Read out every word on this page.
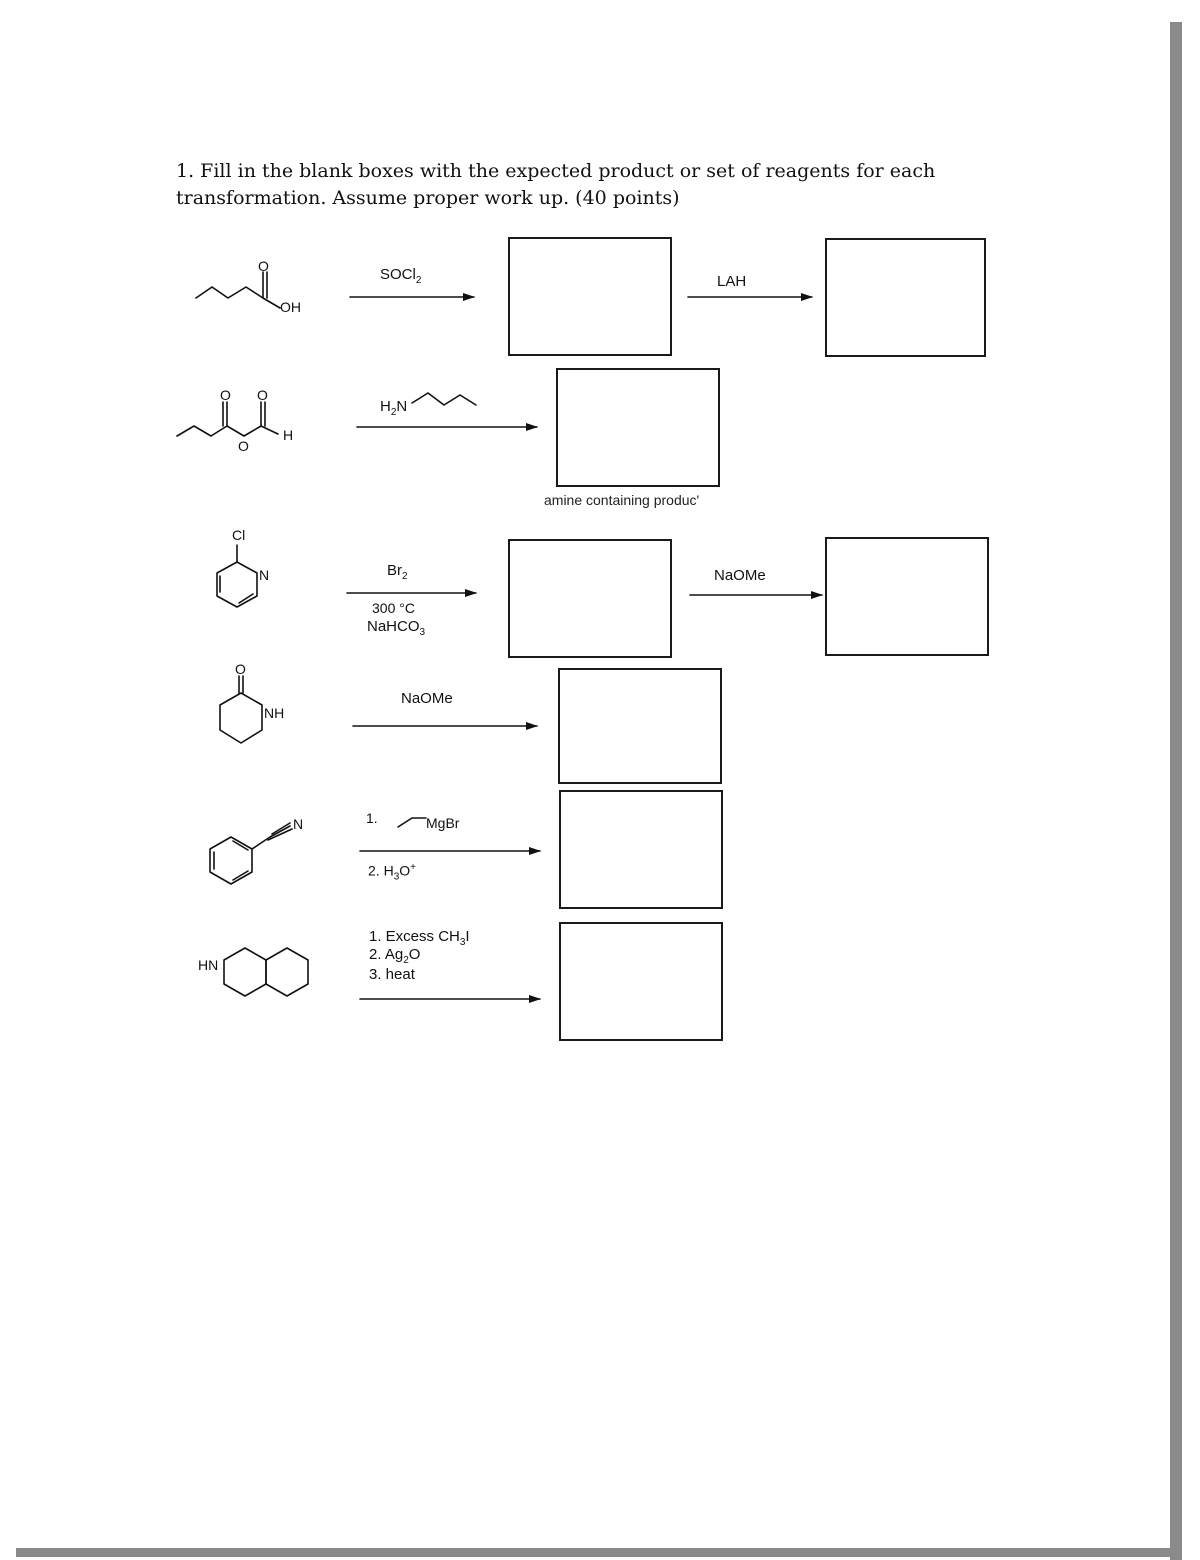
1. Fill in the blank boxes with the expected product or set of reagents for each transformation. Assume proper work up. (40 points)
SOCl$_2$	LAH
$H_2N$
amine containing produc'
$Br_2$
300 °C
NaHCO$_3$
NaOMe
NaOMe
1.	MgBr
2. $H_3O^+$
1. Excess $CH_3I$
2. $Ag_2O$
3. heat
O
OH
O O
O
H
Cl
N
O
NH
N
HN
